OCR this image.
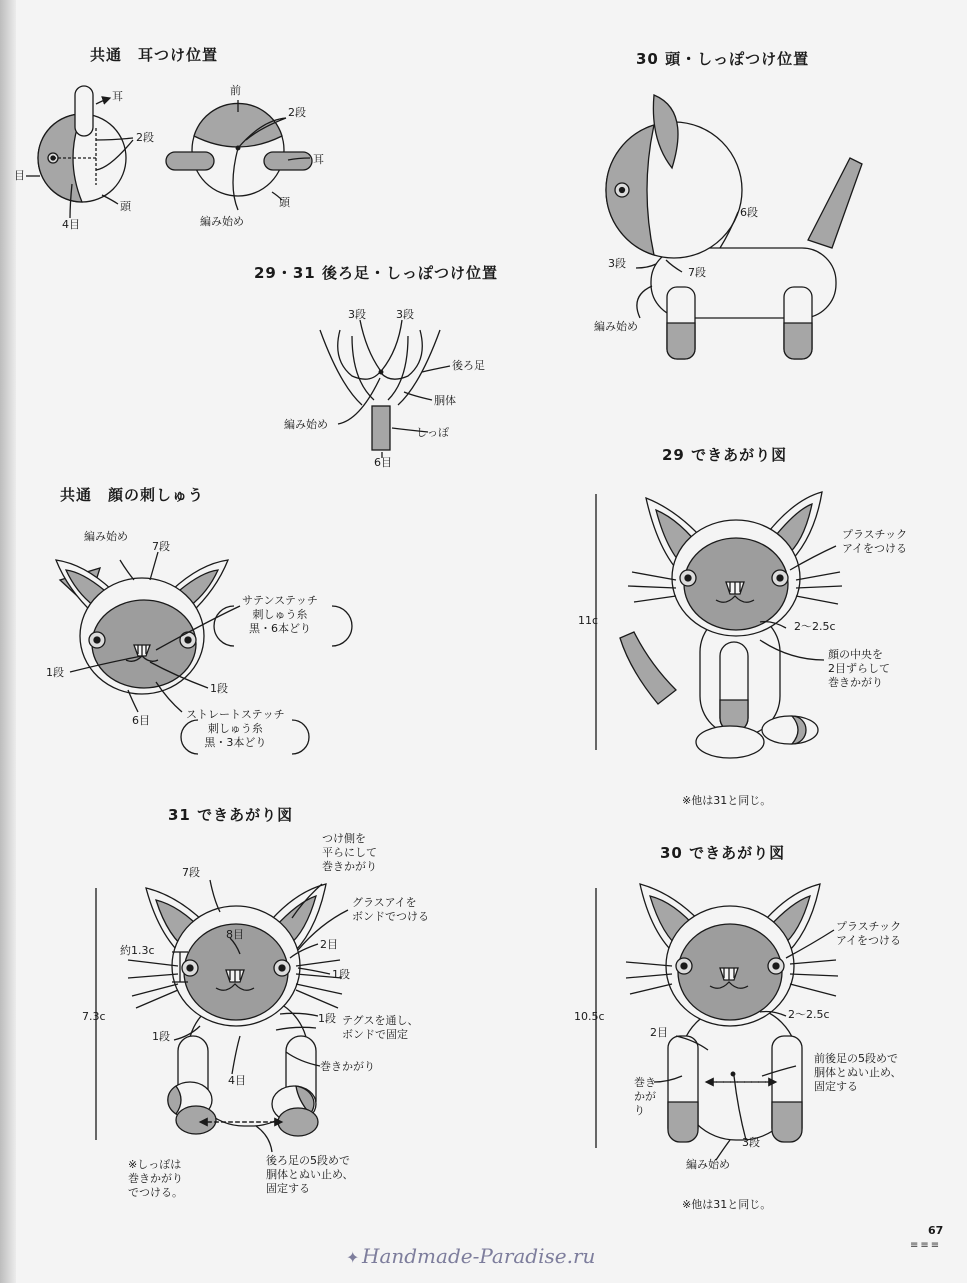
共通　耳つけ位置	30 頭・しっぽつけ位置
29・31 後ろ足・しっぽつけ位置
共通　顔の刺しゅう
29 できあがり図
31 できあがり図
30 できあがり図
耳
2段
目
4目
頭
前
2段
耳
頭
編み始め
6段
3段
7段
編み始め
3段	3段
後ろ足
胴体
編み始め
しっぽ
6目
編み始め
7段
サテンステッチ
刺しゅう糸
黒・6本どり
1段
1段
6目	ストレートステッチ
刺しゅう糸
黒・3本どり
プラスチック
アイをつける
11c	2〜2.5c
顔の中央を
2目ずらして
巻きかがり
※他は31と同じ。
つけ側を
平らにして
巻きかがり
7段
グラスアイを
ボンドでつける
8目
2目
約1.3c
1段
7.3c	1段 テグスを通し、
ボンドで固定
1段
巻きかがり
4目
※しっぽは
巻きかがり
でつける。
後ろ足の5段めで
胴体とぬい止め、
固定する
プラスチック
アイをつける
10.5c	2〜2.5c
2目
前後足の5段めで
胴体とぬい止め、
固定する
巻き
かが
り
3段
編み始め
※他は31と同じ。
67
≡≡≡
✦ Handmade-Paradise.ru
